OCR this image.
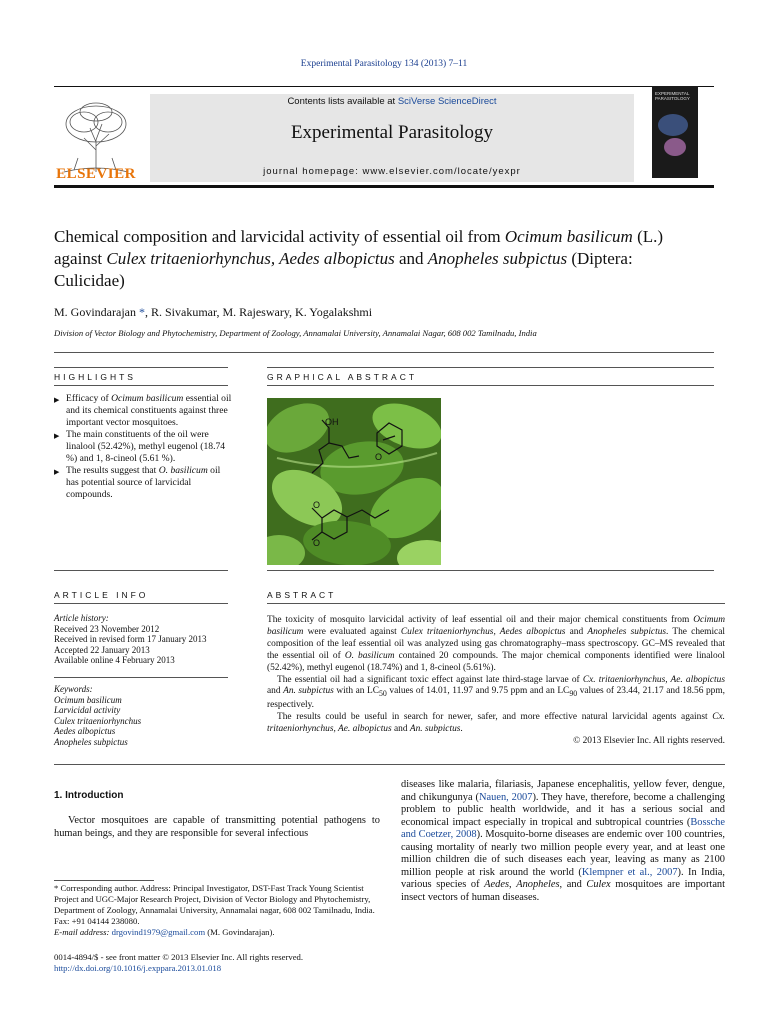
Experimental Parasitology 134 (2013) 7–11
ELSEVIER
Contents lists available at SciVerse ScienceDirect
Experimental Parasitology
journal homepage: www.elsevier.com/locate/yexpr
EXPERIMENTAL PARASITOLOGY
Chemical composition and larvicidal activity of essential oil from Ocimum basilicum (L.) against Culex tritaeniorhynchus, Aedes albopictus and Anopheles subpictus (Diptera: Culicidae)
M. Govindarajan *, R. Sivakumar, M. Rajeswary, K. Yogalakshmi
Division of Vector Biology and Phytochemistry, Department of Zoology, Annamalai University, Annamalai Nagar, 608 002 Tamilnadu, India
HIGHLIGHTS
▶ Efficacy of Ocimum basilicum essential oil and its chemical constituents against three important vector mosquitoes.
▶ The main constituents of the oil were linalool (52.42%), methyl eugenol (18.74 %) and 1, 8-cineol (5.61 %).
▶ The results suggest that O. basilicum oil has potential source of larvicidal compounds.
GRAPHICAL ABSTRACT
OH
O
O
O
ARTICLE INFO
Article history:
Received 23 November 2012
Received in revised form 17 January 2013
Accepted 22 January 2013
Available online 4 February 2013
Keywords:
Ocimum basilicum
Larvicidal activity
Culex tritaeniorhynchus
Aedes albopictus
Anopheles subpictus
ABSTRACT

The toxicity of mosquito larvicidal activity of leaf essential oil and their major chemical constituents from Ocimum basilicum were evaluated against Culex tritaeniorhynchus, Aedes albopictus and Anopheles subpictus. The chemical composition of the leaf essential oil was analyzed using gas chromatography–mass spectroscopy. GC–MS revealed that the essential oil of O. basilicum contained 20 compounds. The major chemical components identified were linalool (52.42%), methyl eugenol (18.74%) and 1, 8-cineol (5.61%).

The essential oil had a significant toxic effect against late third-stage larvae of Cx. tritaeniorhynchus, Ae. albopictus and An. subpictus with an $LC_{50}$ values of 14.01, 11.97 and 9.75 ppm and an $LC_{90}$ values of 23.44, 21.17 and 18.56 ppm, respectively.

The results could be useful in search for newer, safer, and more effective natural larvicidal agents against Cx. tritaeniorhynchus, Ae. albopictus and An. subpictus.

© 2013 Elsevier Inc. All rights reserved.

1. Introduction
Vector mosquitoes are capable of transmitting potential pathogens to human beings, and they are responsible for several infectious
* Corresponding author. Address: Principal Investigator, DST-Fast Track Young Scientist Project and UGC-Major Research Project, Division of Vector Biology and Phytochemistry, Department of Zoology, Annamalai University, Annamalai nagar, 608 002 Tamilnadu, India. Fax: +91 04144 238080.
E-mail address: drgovind1979@gmail.com (M. Govindarajan).
0014-4894/$ - see front matter © 2013 Elsevier Inc. All rights reserved.
http://dx.doi.org/10.1016/j.exppara.2013.01.018
diseases like malaria, filariasis, Japanese encephalitis, yellow fever, dengue, and chikungunya (Nauen, 2007). They have, therefore, become a challenging problem to public health worldwide, and it has a serious social and economical impact especially in tropical and subtropical countries (Bossche and Coetzer, 2008). Mosquito-borne diseases are endemic over 100 countries, causing mortality of nearly two million people every year, and at least one million children die of such diseases each year, leaving as many as 2100 million people at risk around the world (Klempner et al., 2007). In India, various species of Aedes, Anopheles, and Culex mosquitoes are important insect vectors of human diseases.
